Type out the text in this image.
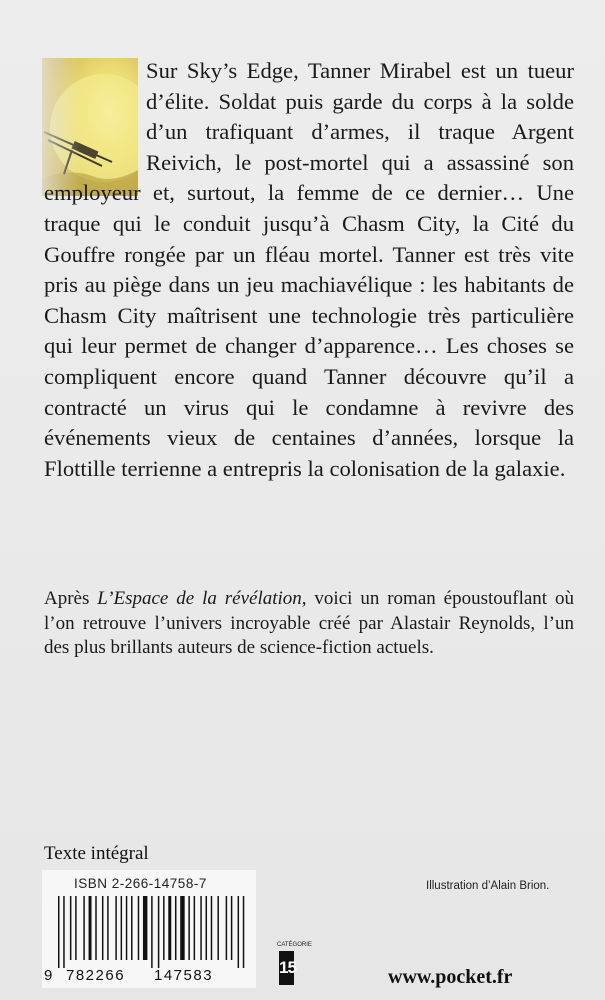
Sur Sky’s Edge, Tanner Mirabel est un tueur d’élite. Soldat puis garde du corps à la solde d’un trafiquant d’armes, il traque Argent Reivich, le post-mortel qui a assassiné son employeur et, surtout, la femme de ce dernier… Une traque qui le conduit jusqu’à Chasm City, la Cité du Gouffre rongée par un fléau mortel. Tanner est très vite pris au piège dans un jeu machiavélique : les habitants de Chasm City maîtrisent une technologie très particulière qui leur permet de changer d’apparence… Les choses se compliquent encore quand Tanner découvre qu’il a contracté un virus qui le condamne à revivre des événements vieux de centaines d’années, lorsque la Flottille terrienne a entrepris la colonisation de la galaxie.

Après L’Espace de la révélation, voici un roman époustouflant où l’on retrouve l’univers incroyable créé par Alastair Reynolds, l’un des plus brillants auteurs de science-fiction actuels.

Texte intégral
ISBN 2-266-14758-7
9 782266 147583
Illustration d’Alain Brion.
CATÉGORIE
15	www.pocket.fr
